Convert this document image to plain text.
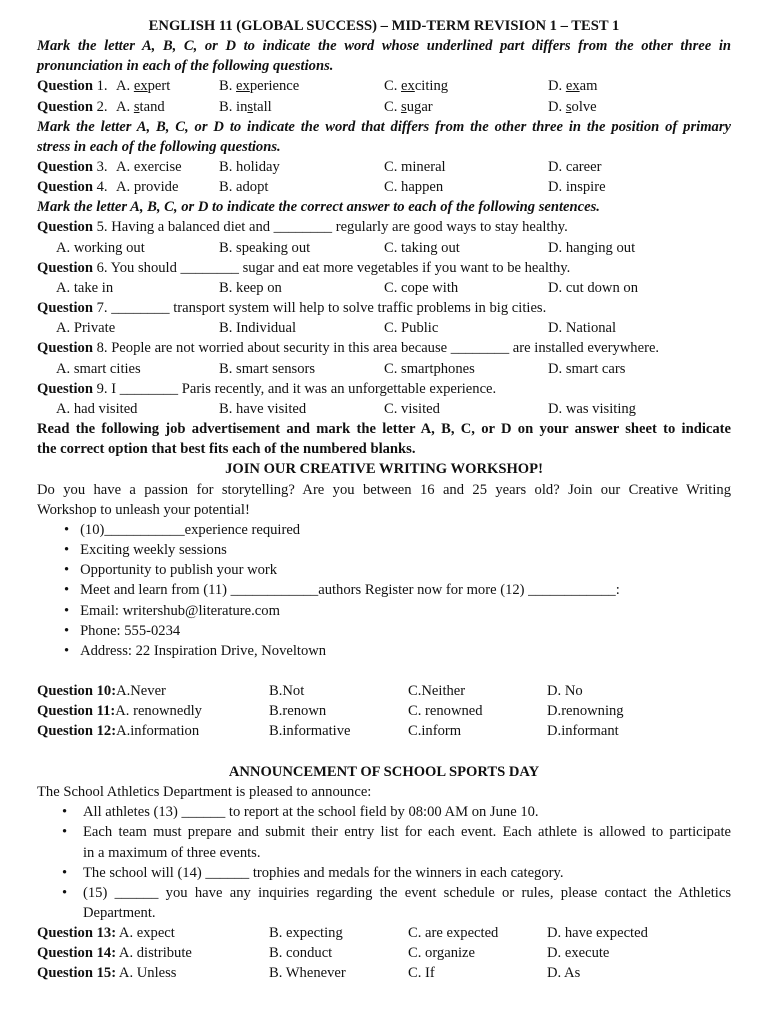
ENGLISH 11 (GLOBAL SUCCESS) – MID-TERM REVISION 1 – TEST 1
Mark the letter A, B, C, or D to indicate the word whose underlined part differs from the other three in
pronunciation in each of the following questions.
Question 1. A. expert	B. experience	C. exciting	D. exam
Question 2. A. stand	B. install	C. sugar	D. solve
Mark the letter A, B, C, or D to indicate the word that differs from the other three in the position of primary
stress in each of the following questions.
Question 3. A. exercise	B. holiday	C. mineral	D. career
Question 4. A. provide	B. adopt	C. happen	D. inspire
Mark the letter A, B, C, or D to indicate the correct answer to each of the following sentences.
Question 5. Having a balanced diet and ________ regularly are good ways to stay healthy.
A. working out	B. speaking out	C. taking out	D. hanging out
Question 6. You should ________ sugar and eat more vegetables if you want to be healthy.
A. take in	B. keep on	C. cope with	D. cut down on
Question 7. ________ transport system will help to solve traffic problems in big cities.
A. Private	B. Individual	C. Public	D. National
Question 8. People are not worried about security in this area because ________ are installed everywhere.
A. smart cities	B. smart sensors	C. smartphones	D. smart cars
Question 9. I ________ Paris recently, and it was an unforgettable experience.
A. had visited	B. have visited	C. visited	D. was visiting
Read the following job advertisement and mark the letter A, B, C, or D on your answer sheet to indicate
the correct option that best fits each of the numbered blanks.
JOIN OUR CREATIVE WRITING WORKSHOP!
Do you have a passion for storytelling? Are you between 16 and 25 years old? Join our Creative Writing
Workshop to unleash your potential!
•   (10)___________experience required
•   Exciting weekly sessions
•   Opportunity to publish your work
•   Meet and learn from (11) ____________authors Register now for more (12) ____________:
•   Email: writershub@literature.com
•   Phone: 555-0234
•   Address: 22 Inspiration Drive, Noveltown
Question 10:A.Never	B.Not	C.Neither	D. No
Question 11:A. renownedly	B.renown	C. renowned	D.renowning
Question 12:A.information	B.informative	C.inform	D.informant
ANNOUNCEMENT OF SCHOOL SPORTS DAY
The School Athletics Department is pleased to announce:
• All athletes (13) ______ to report at the school field by 08:00 AM on June 10.
• Each team must prepare and submit their entry list for each event. Each athlete is allowed to participate
in a maximum of three events.
• The school will (14) ______ trophies and medals for the winners in each category.
• (15) ______ you have any inquiries regarding the event schedule or rules, please contact the Athletics
Department.
Question 13: A. expect	B. expecting	C. are expected	D. have expected
Question 14: A. distribute	B. conduct	C. organize	D. execute
Question 15: A. Unless	B. Whenever	C. If	D. As
